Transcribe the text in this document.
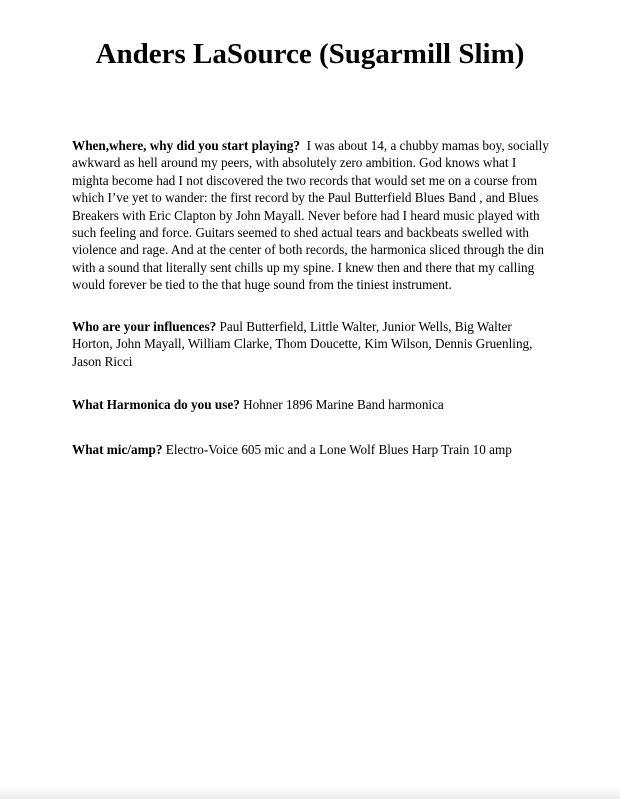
Anders LaSource (Sugarmill Slim)

When,where, why did you start playing? I was about 14, a chubby mamas boy, socially awkward as hell around my peers, with absolutely zero ambition. God knows what I mighta become had I not discovered the two records that would set me on a course from which I’ve yet to wander: the first record by the Paul Butterfield Blues Band , and Blues Breakers with Eric Clapton by John Mayall. Never before had I heard music played with such feeling and force. Guitars seemed to shed actual tears and backbeats swelled with violence and rage. And at the center of both records, the harmonica sliced through the din with a sound that literally sent chills up my spine. I knew then and there that my calling would forever be tied to the that huge sound from the tiniest instrument.

Who are your influences? Paul Butterfield, Little Walter, Junior Wells, Big Walter Horton, John Mayall, William Clarke, Thom Doucette, Kim Wilson, Dennis Gruenling, Jason Ricci

What Harmonica do you use? Hohner 1896 Marine Band harmonica

What mic/amp? Electro-Voice 605 mic and a Lone Wolf Blues Harp Train 10 amp
